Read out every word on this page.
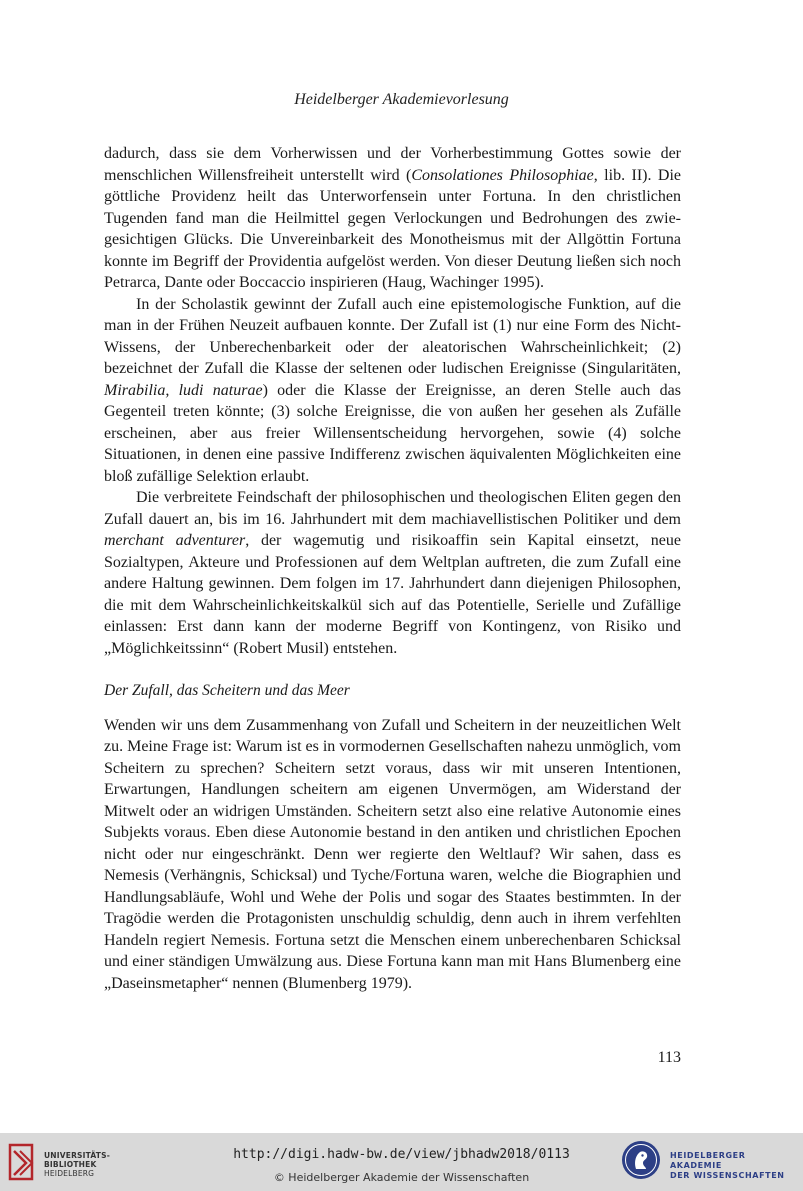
Heidelberger Akademievorlesung

dadurch, dass sie dem Vorherwissen und der Vorherbestimmung Gottes sowie der menschlichen Willensfreiheit unterstellt wird (Consolationes Philosophiae, lib. II). Die göttliche Providenz heilt das Unterworfensein unter Fortuna. In den christlichen Tugenden fand man die Heilmittel gegen Verlockungen und Bedrohungen des zwiegesichtigen Glücks. Die Unvereinbarkeit des Monotheismus mit der Allgöttin Fortuna konnte im Begriff der Providentia aufgelöst werden. Von dieser Deutung ließen sich noch Petrarca, Dante oder Boccaccio inspirieren (Haug, Wachinger 1995).

In der Scholastik gewinnt der Zufall auch eine epistemologische Funktion, auf die man in der Frühen Neuzeit aufbauen konnte. Der Zufall ist (1) nur eine Form des Nicht-Wissens, der Unberechenbarkeit oder der aleatorischen Wahrscheinlichkeit; (2) bezeichnet der Zufall die Klasse der seltenen oder ludischen Ereignisse (Singularitäten, Mirabilia, ludi naturae) oder die Klasse der Ereignisse, an deren Stelle auch das Gegenteil treten könnte; (3) solche Ereignisse, die von außen her gesehen als Zufälle erscheinen, aber aus freier Willensentscheidung hervorgehen, sowie (4) solche Situationen, in denen eine passive Indifferenz zwischen äquivalenten Möglichkeiten eine bloß zufällige Selektion erlaubt.

Die verbreitete Feindschaft der philosophischen und theologischen Eliten gegen den Zufall dauert an, bis im 16. Jahrhundert mit dem machiavellistischen Politiker und dem merchant adventurer, der wagemutig und risikoaffin sein Kapital einsetzt, neue Sozialtypen, Akteure und Professionen auf dem Weltplan auftreten, die zum Zufall eine andere Haltung gewinnen. Dem folgen im 17. Jahrhundert dann diejenigen Philosophen, die mit dem Wahrscheinlichkeitskalkül sich auf das Potentielle, Serielle und Zufällige einlassen: Erst dann kann der moderne Begriff von Kontingenz, von Risiko und „Möglichkeitssinn“ (Robert Musil) entstehen.

Der Zufall, das Scheitern und das Meer

Wenden wir uns dem Zusammenhang von Zufall und Scheitern in der neuzeitlichen Welt zu. Meine Frage ist: Warum ist es in vormodernen Gesellschaften nahezu unmöglich, vom Scheitern zu sprechen? Scheitern setzt voraus, dass wir mit unseren Intentionen, Erwartungen, Handlungen scheitern am eigenen Unvermögen, am Widerstand der Mitwelt oder an widrigen Umständen. Scheitern setzt also eine relative Autonomie eines Subjekts voraus. Eben diese Autonomie bestand in den antiken und christlichen Epochen nicht oder nur eingeschränkt. Denn wer regierte den Weltlauf? Wir sahen, dass es Nemesis (Verhängnis, Schicksal) und Tyche/Fortuna waren, welche die Biographien und Handlungsabläufe, Wohl und Wehe der Polis und sogar des Staates bestimmten. In der Tragödie werden die Protagonisten unschuldig schuldig, denn auch in ihrem verfehlten Handeln regiert Nemesis. Fortuna setzt die Menschen einem unberechenbaren Schicksal und einer ständigen Umwälzung aus. Diese Fortuna kann man mit Hans Blumenberg eine „Daseinsmetapher“ nennen (Blumenberg 1979).

113
UNIVERSITÄTS-
BIBLIOTHEK
HEIDELBERG
http://digi.hadw-bw.de/view/jbhadw2018/0113
© Heidelberger Akademie der Wissenschaften
HEIDELBERGER AKADEMIE
DER WISSENSCHAFTEN
